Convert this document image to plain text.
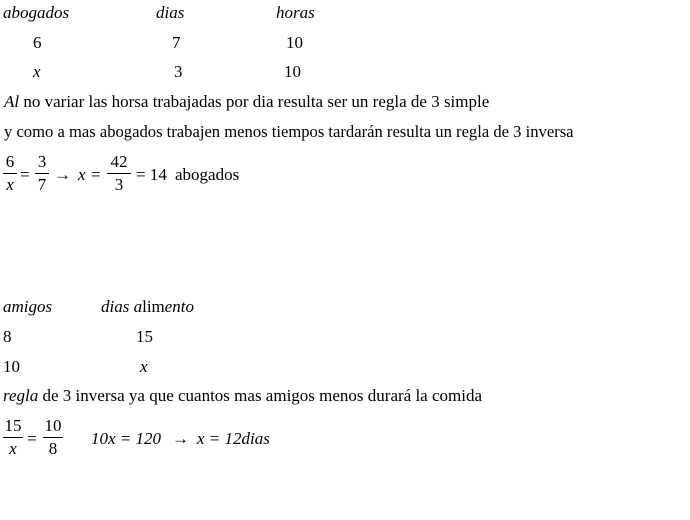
abogados	dias	horas
6	7	10
x	3	10
Al no variar las horsa trabajadas por dia resulta ser un regla de 3 simple
y como a mas abogados trabajen menos tiempos tardarán resulta un regla de 3 inversa
6
x
=
3
7
→ x =
42
3
= 14 abogados
amigos	dias alimento
8	15
10	x
regla de 3 inversa ya que cuantos mas amigos menos durará la comida
15
x
=
10
8
10x = 120 → x = 12dias
